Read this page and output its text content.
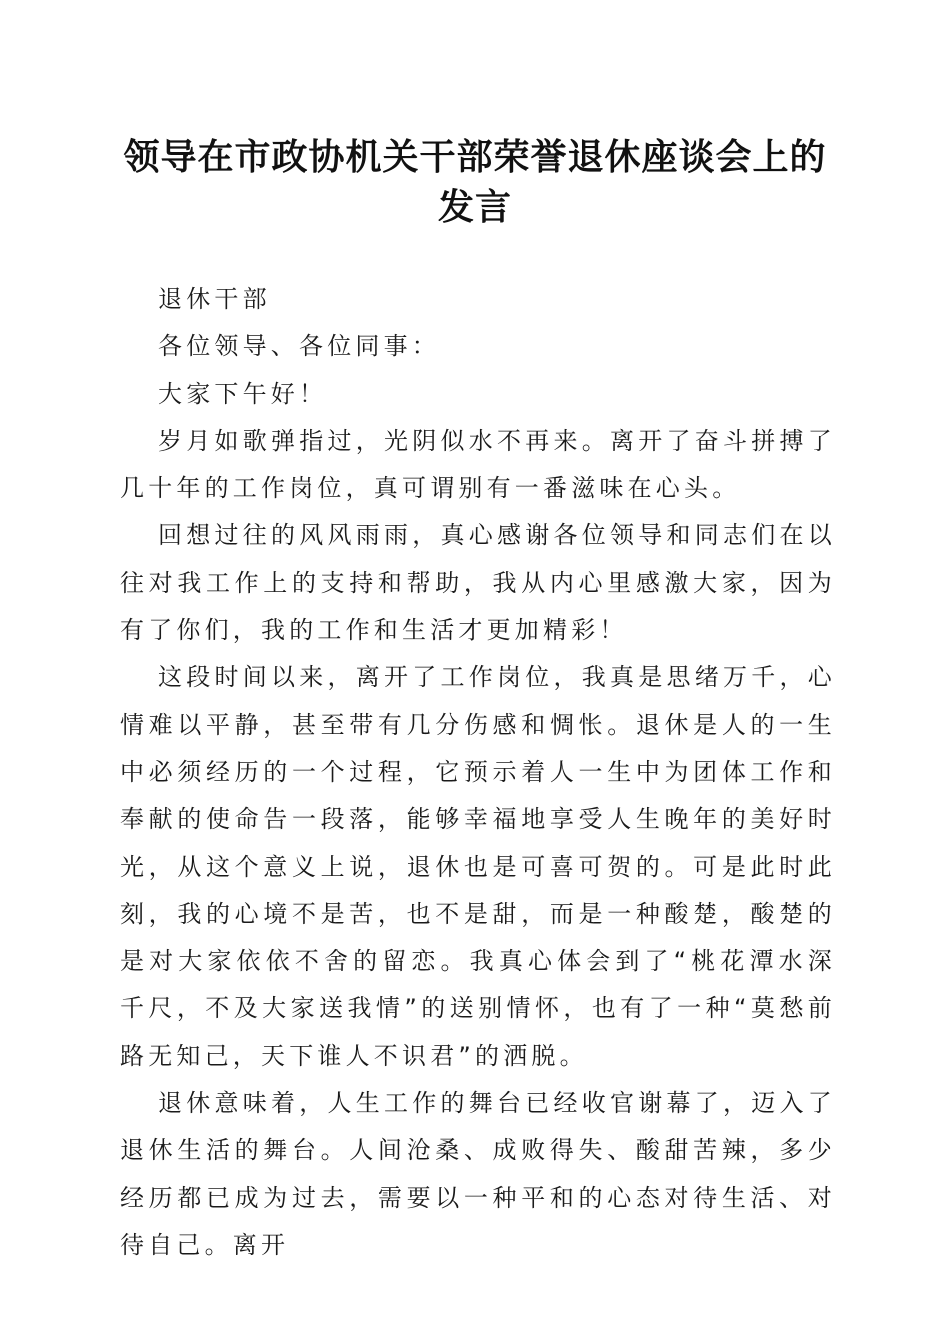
领导在市政协机关干部荣誉退休座谈会上的发言

退休干部

各位领导、各位同事：

大家下午好！

岁月如歌弹指过，光阴似水不再来。离开了奋斗拼搏了几十年的工作岗位，真可谓别有一番滋味在心头。

回想过往的风风雨雨，真心感谢各位领导和同志们在以往对我工作上的支持和帮助，我从内心里感激大家，因为有了你们，我的工作和生活才更加精彩！

这段时间以来，离开了工作岗位，我真是思绪万千，心情难以平静，甚至带有几分伤感和惆怅。退休是人的一生中必须经历的一个过程，它预示着人一生中为团体工作和奉献的使命告一段落，能够幸福地享受人生晚年的美好时光，从这个意义上说，退休也是可喜可贺的。可是此时此刻，我的心境不是苦，也不是甜，而是一种酸楚，酸楚的是对大家依依不舍的留恋。我真心体会到了“桃花潭水深千尺，不及大家送我情”的送别情怀，也有了一种“莫愁前路无知己，天下谁人不识君”的洒脱。

退休意味着，人生工作的舞台已经收官谢幕了，迈入了退休生活的舞台。人间沧桑、成败得失、酸甜苦辣，多少经历都已成为过去，需要以一种平和的心态对待生活、对待自己。离开
